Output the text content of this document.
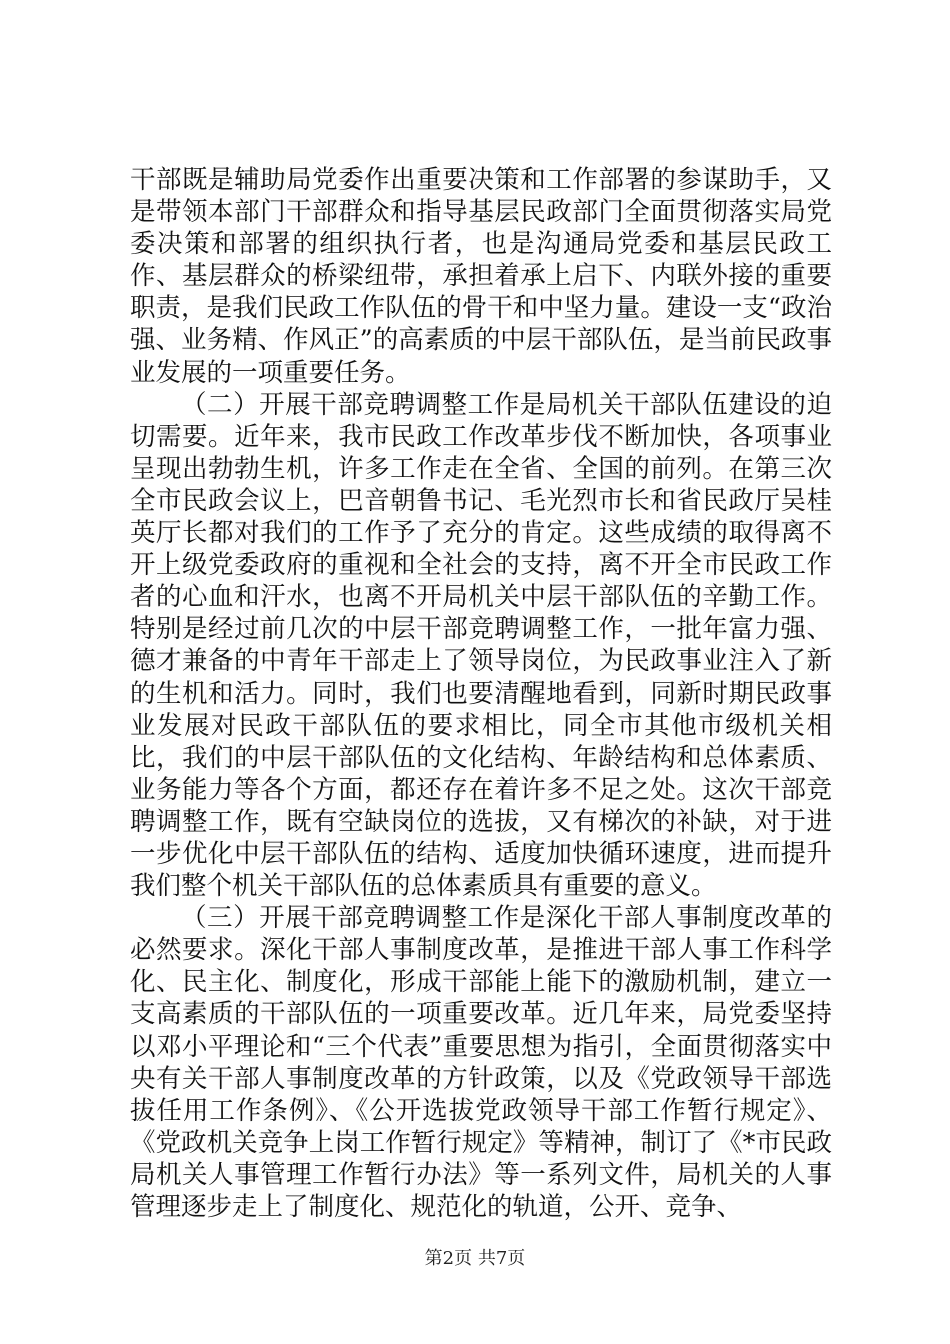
干部既是辅助局党委作出重要决策和工作部署的参谋助手，又是带领本部门干部群众和指导基层民政部门全面贯彻落实局党委决策和部署的组织执行者，也是沟通局党委和基层民政工作、基层群众的桥梁纽带，承担着承上启下、内联外接的重要职责，是我们民政工作队伍的骨干和中坚力量。建设一支“政治强、业务精、作风正”的高素质的中层干部队伍，是当前民政事业发展的一项重要任务。

（二）开展干部竞聘调整工作是局机关干部队伍建设的迫切需要。近年来，我市民政工作改革步伐不断加快，各项事业呈现出勃勃生机，许多工作走在全省、全国的前列。在第三次全市民政会议上，巴音朝鲁书记、毛光烈市长和省民政厅吴桂英厅长都对我们的工作予了充分的肯定。这些成绩的取得离不开上级党委政府的重视和全社会的支持，离不开全市民政工作者的心血和汗水，也离不开局机关中层干部队伍的辛勤工作。特别是经过前几次的中层干部竞聘调整工作，一批年富力强、德才兼备的中青年干部走上了领导岗位，为民政事业注入了新的生机和活力。同时，我们也要清醒地看到，同新时期民政事业发展对民政干部队伍的要求相比，同全市其他市级机关相比，我们的中层干部队伍的文化结构、年龄结构和总体素质、业务能力等各个方面，都还存在着许多不足之处。这次干部竞聘调整工作，既有空缺岗位的选拔，又有梯次的补缺，对于进一步优化中层干部队伍的结构、适度加快循环速度，进而提升我们整个机关干部队伍的总体素质具有重要的意义。

（三）开展干部竞聘调整工作是深化干部人事制度改革的必然要求。深化干部人事制度改革，是推进干部人事工作科学化、民主化、制度化，形成干部能上能下的激励机制，建立一支高素质的干部队伍的一项重要改革。近几年来，局党委坚持以邓小平理论和“三个代表”重要思想为指引，全面贯彻落实中央有关干部人事制度改革的方针政策，以及《党政领导干部选拔任用工作条例》、《公开选拔党政领导干部工作暂行规定》、《党政机关竞争上岗工作暂行规定》等精神，制订了《*市民政局机关人事管理工作暂行办法》等一系列文件，局机关的人事管理逐步走上了制度化、规范化的轨道，公开、竞争、

第2页 共7页
